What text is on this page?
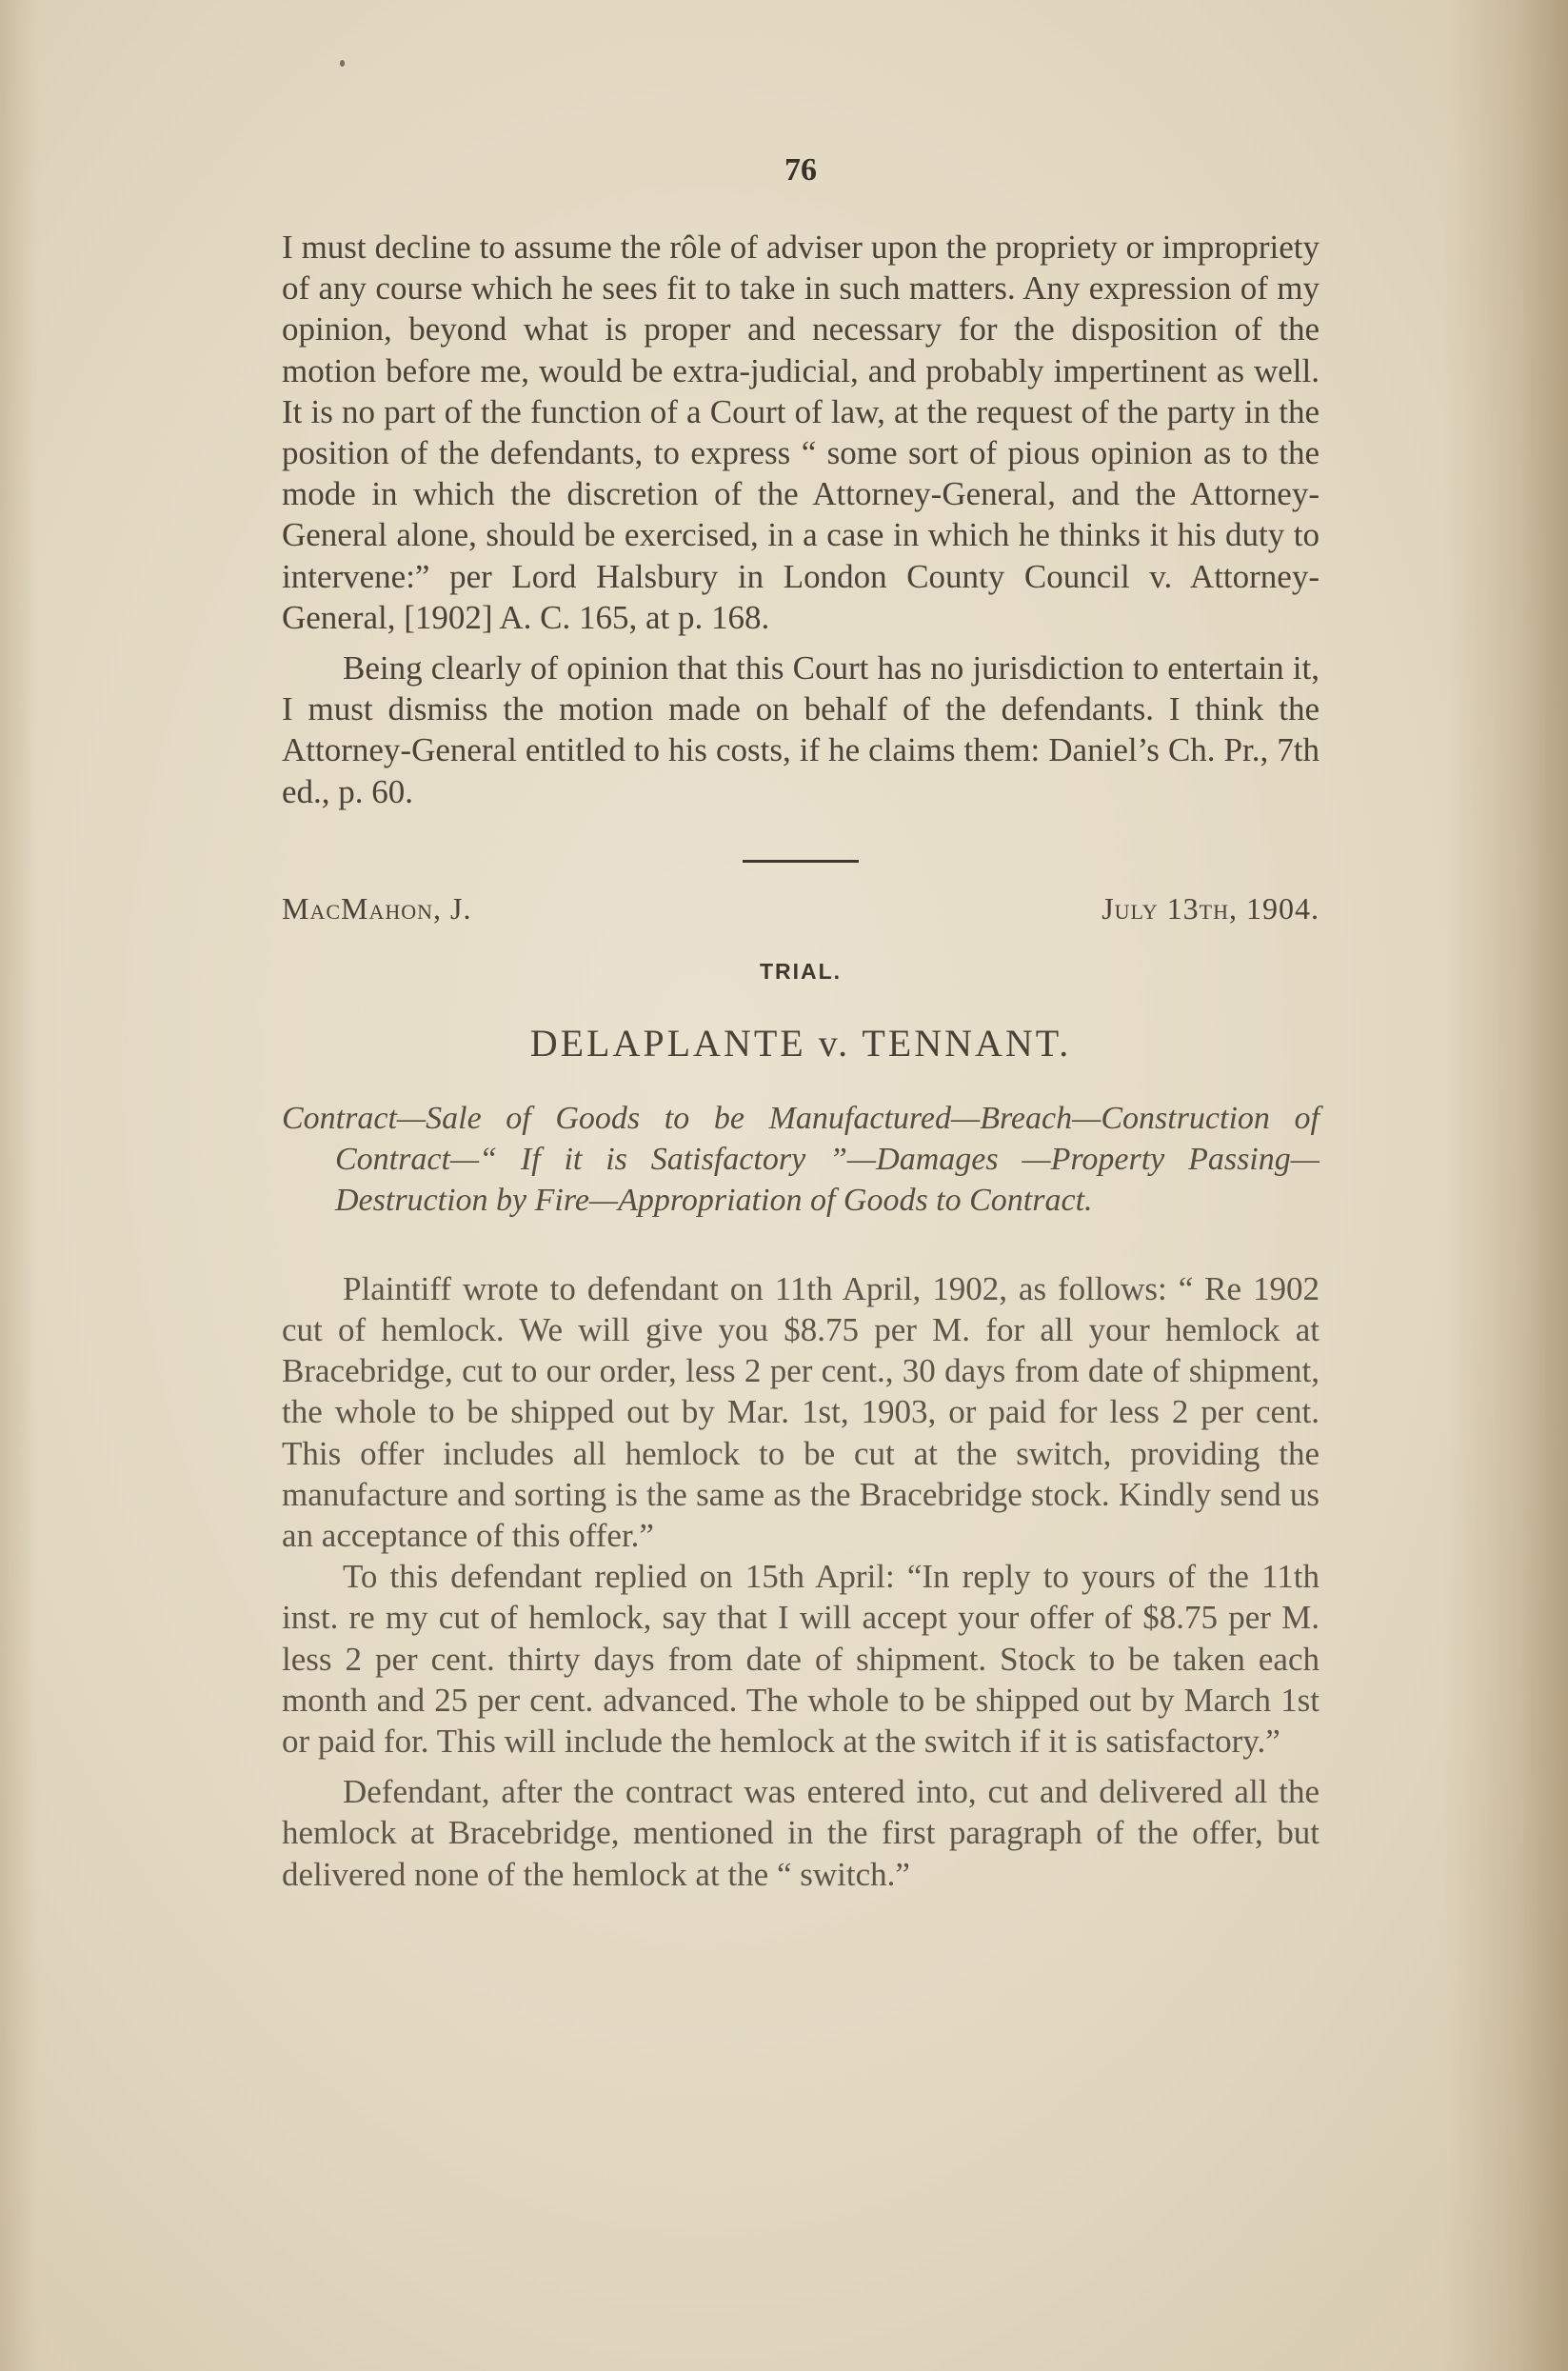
76

I must decline to assume the rôle of adviser upon the propriety or impropriety of any course which he sees fit to take in such matters. Any expression of my opinion, beyond what is proper and necessary for the disposition of the motion before me, would be extra-judicial, and probably impertinent as well. It is no part of the function of a Court of law, at the request of the party in the position of the defendants, to express “ some sort of pious opinion as to the mode in which the discretion of the Attorney-General, and the Attorney-General alone, should be exercised, in a case in which he thinks it his duty to intervene:” per Lord Halsbury in London County Council v. Attorney-General, [1902] A. C. 165, at p. 168.

Being clearly of opinion that this Court has no jurisdiction to entertain it, I must dismiss the motion made on behalf of the defendants. I think the Attorney-General entitled to his costs, if he claims them: Daniel’s Ch. Pr., 7th ed., p. 60.

MacMahon, J.	July 13th, 1904.
TRIAL.
DELAPLANTE v. TENNANT.

Contract—Sale of Goods to be Manufactured—Breach—Construction of Contract—“ If it is Satisfactory ”—Damages —Property Passing—Destruction by Fire—Appropriation of Goods to Contract.

Plaintiff wrote to defendant on 11th April, 1902, as follows: “ Re 1902 cut of hemlock. We will give you $8.75 per M. for all your hemlock at Bracebridge, cut to our order, less 2 per cent., 30 days from date of shipment, the whole to be shipped out by Mar. 1st, 1903, or paid for less 2 per cent. This offer includes all hemlock to be cut at the switch, providing the manufacture and sorting is the same as the Bracebridge stock. Kindly send us an acceptance of this offer.”

To this defendant replied on 15th April: “In reply to yours of the 11th inst. re my cut of hemlock, say that I will accept your offer of $8.75 per M. less 2 per cent. thirty days from date of shipment. Stock to be taken each month and 25 per cent. advanced. The whole to be shipped out by March 1st or paid for. This will include the hemlock at the switch if it is satisfactory.”

Defendant, after the contract was entered into, cut and delivered all the hemlock at Bracebridge, mentioned in the first paragraph of the offer, but delivered none of the hemlock at the “ switch.”
